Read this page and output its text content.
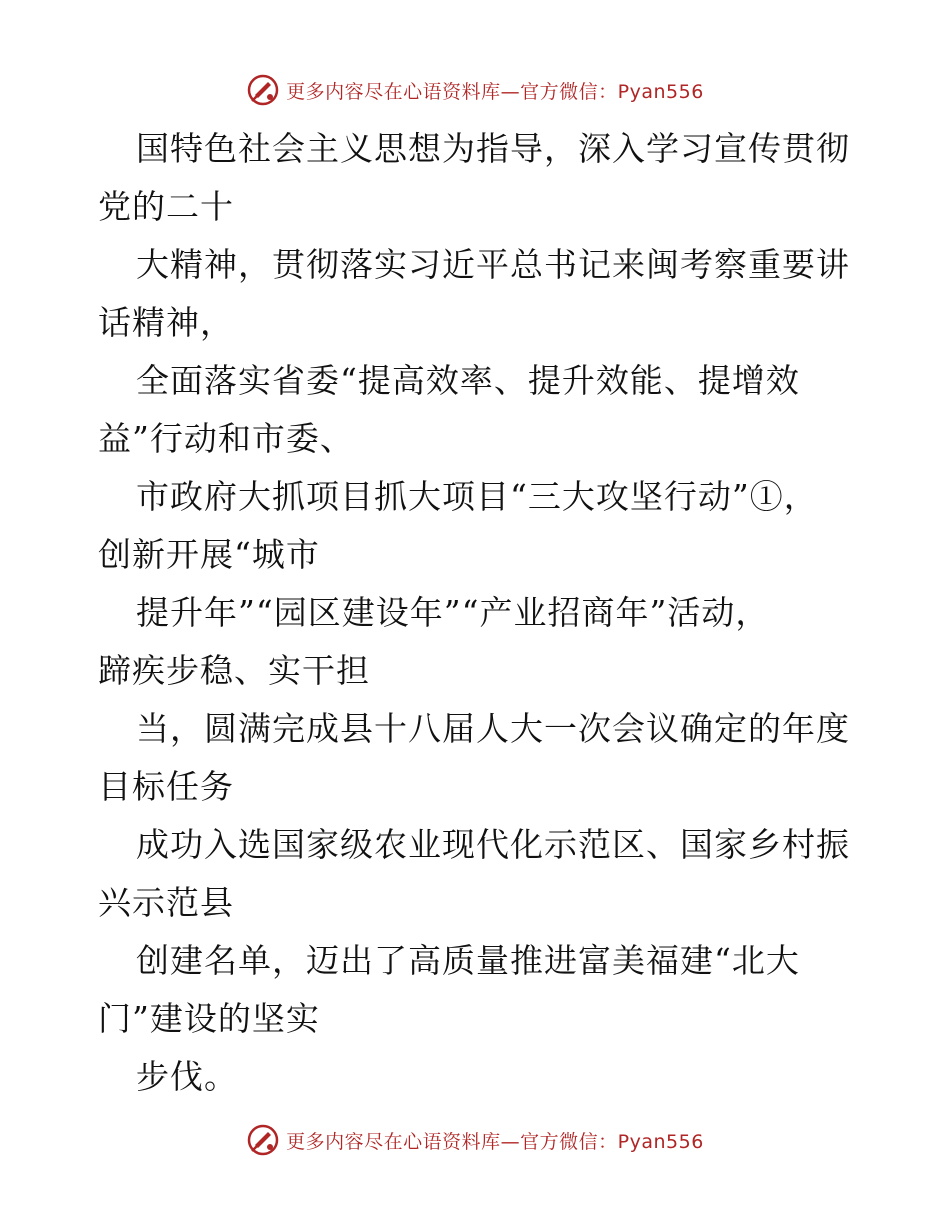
更多内容尽在心语资料库—官方微信：Pyan556
国特色社会主义思想为指导，深入学习宣传贯彻
党的二十
大精神，贯彻落实习近平总书记来闽考察重要讲
话精神，
全面落实省委“提高效率、提升效能、提增效
益”行动和市委、
市政府大抓项目抓大项目“三大攻坚行动”①，
创新开展“城市
提升年”“园区建设年”“产业招商年”活动，
蹄疾步稳、实干担
当，圆满完成县十八届人大一次会议确定的年度
目标任务
成功入选国家级农业现代化示范区、国家乡村振
兴示范县
创建名单，迈出了高质量推进富美福建“北大
门”建设的坚实
步伐。
更多内容尽在心语资料库—官方微信：Pyan556
